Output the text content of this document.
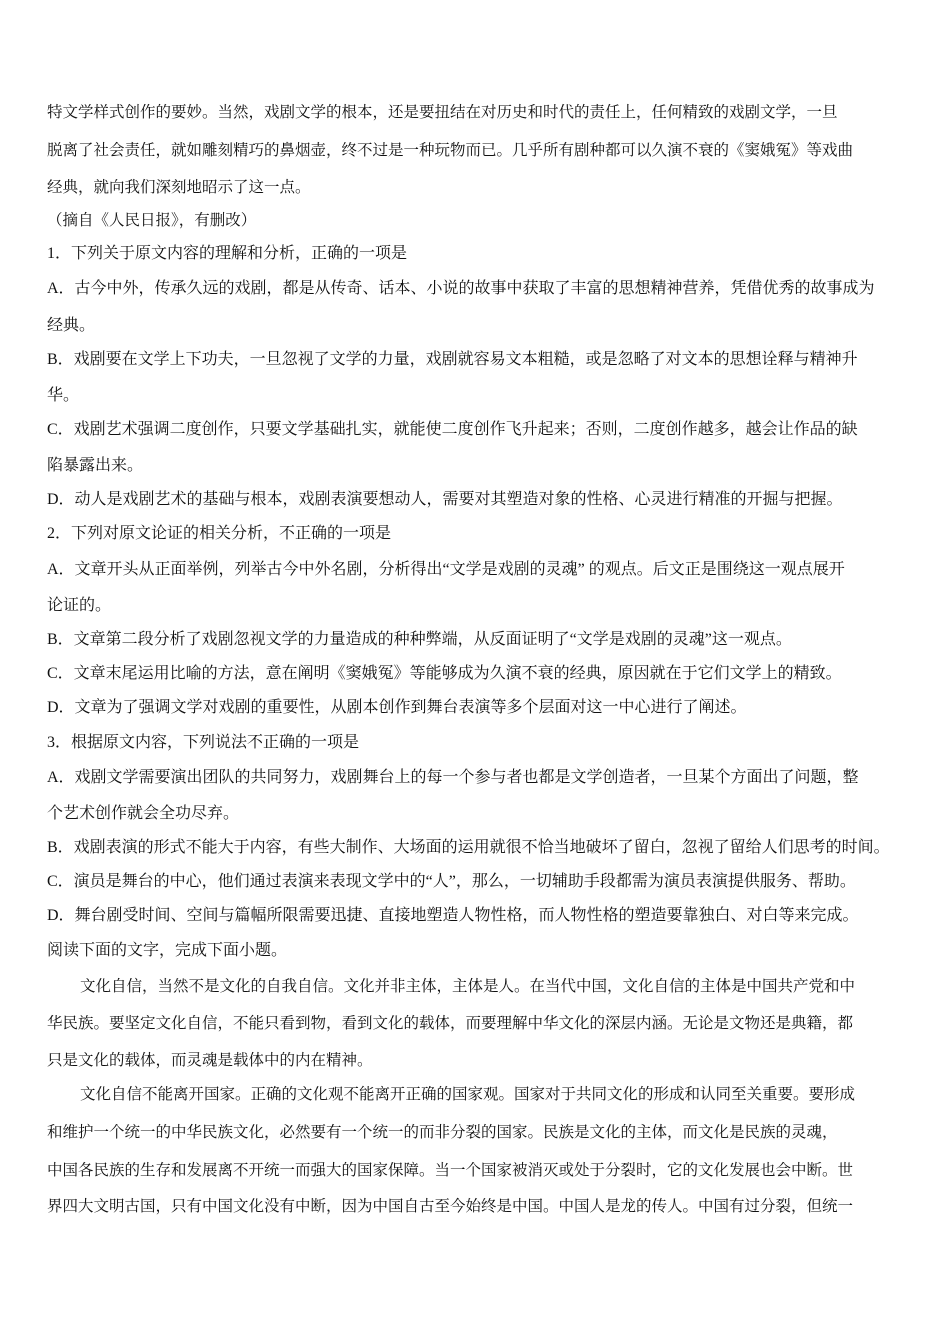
特文学样式创作的要妙。当然，戏剧文学的根本，还是要扭结在对历史和时代的责任上，任何精致的戏剧文学，一旦
脱离了社会责任，就如雕刻精巧的鼻烟壶，终不过是一种玩物而已。几乎所有剧种都可以久演不衰的《窦娥冤》等戏曲
经典，就向我们深刻地昭示了这一点。
（摘自《人民日报》，有删改）
1．下列关于原文内容的理解和分析，正确的一项是
A．古今中外，传承久远的戏剧，都是从传奇、话本、小说的故事中获取了丰富的思想精神营养，凭借优秀的故事成为
经典。
B．戏剧要在文学上下功夫，一旦忽视了文学的力量，戏剧就容易文本粗糙，或是忽略了对文本的思想诠释与精神升
华。
C．戏剧艺术强调二度创作，只要文学基础扎实，就能使二度创作飞升起来；否则，二度创作越多，越会让作品的缺
陷暴露出来。
D．动人是戏剧艺术的基础与根本，戏剧表演要想动人，需要对其塑造对象的性格、心灵进行精准的开掘与把握。
2．下列对原文论证的相关分析，不正确的一项是
A．文章开头从正面举例，列举古今中外名剧，分析得出“文学是戏剧的灵魂” 的观点。后文正是围绕这一观点展开
论证的。
B．文章第二段分析了戏剧忽视文学的力量造成的种种弊端，从反面证明了“文学是戏剧的灵魂”这一观点。
C．文章末尾运用比喻的方法，意在阐明《窦娥冤》等能够成为久演不衰的经典，原因就在于它们文学上的精致。
D．文章为了强调文学对戏剧的重要性，从剧本创作到舞台表演等多个层面对这一中心进行了阐述。
3．根据原文内容，下列说法不正确的一项是
A．戏剧文学需要演出团队的共同努力，戏剧舞台上的每一个参与者也都是文学创造者，一旦某个方面出了问题，整
个艺术创作就会全功尽弃。
B．戏剧表演的形式不能大于内容，有些大制作、大场面的运用就很不恰当地破坏了留白，忽视了留给人们思考的时间。
C．演员是舞台的中心，他们通过表演来表现文学中的“人”，那么，一切辅助手段都需为演员表演提供服务、帮助。
D．舞台剧受时间、空间与篇幅所限需要迅捷、直接地塑造人物性格，而人物性格的塑造要靠独白、对白等来完成。
阅读下面的文字，完成下面小题。
文化自信，当然不是文化的自我自信。文化并非主体，主体是人。在当代中国，文化自信的主体是中国共产党和中
华民族。要坚定文化自信，不能只看到物，看到文化的载体，而要理解中华文化的深层内涵。无论是文物还是典籍，都
只是文化的载体，而灵魂是载体中的内在精神。
文化自信不能离开国家。正确的文化观不能离开正确的国家观。国家对于共同文化的形成和认同至关重要。要形成
和维护一个统一的中华民族文化，必然要有一个统一的而非分裂的国家。民族是文化的主体，而文化是民族的灵魂，
中国各民族的生存和发展离不开统一而强大的国家保障。当一个国家被消灭或处于分裂时，它的文化发展也会中断。世
界四大文明古国，只有中国文化没有中断，因为中国自古至今始终是中国。中国人是龙的传人。中国有过分裂，但统一
